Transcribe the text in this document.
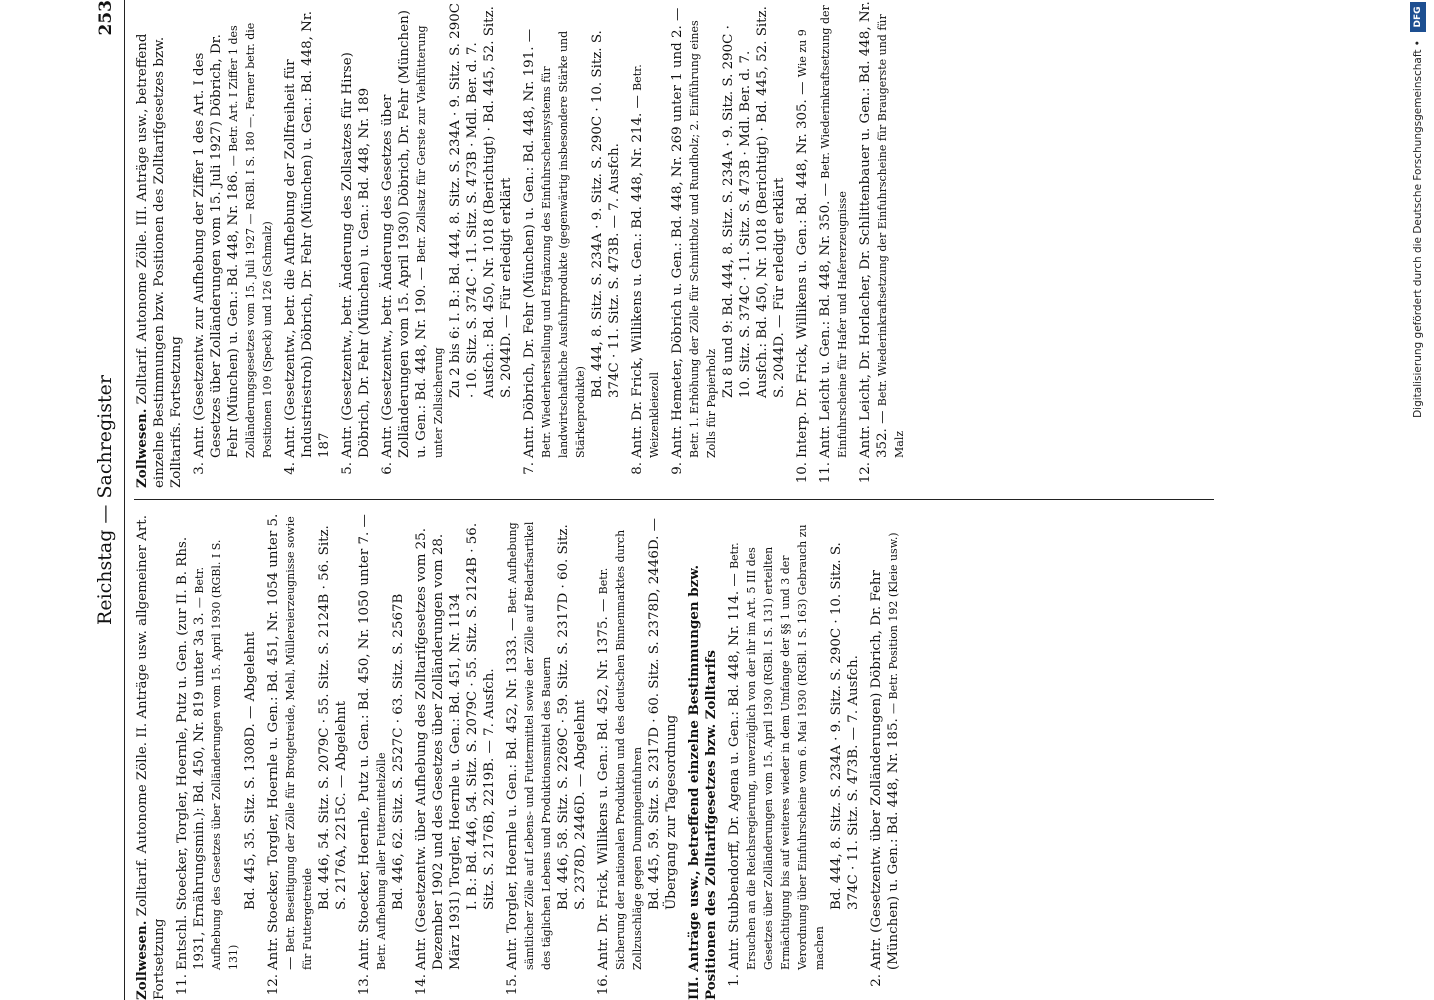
Reichstag — Sachregister
253
Zollwesen. Zolltarif. Autonome Zölle. II. Anträge usw. allgemeiner Art. Fortsetzung 11.
Entschl. Stoecker, Torgler, Hoernle, Putz u. Gen. (zur II. B. Rhs. 1931, Ernährungsmin.): Bd. 450, Nr. 819 unter 3a 3. — Betr. Aufhebung des Gesetzes über Zolländerungen vom 15. April 1930 (RGBl. I S. 131)
Bd. 445, 35. Sitz. S. 1308D. — Abgelehnt
12.
Antr. Stoecker, Torgler, Hoernle u. Gen.: Bd. 451, Nr. 1054 unter 5. — Betr. Beseitigung der Zölle für Brotgetreide, Mehl, Müllereierzeugnisse sowie für Futtergetreide
Bd. 446, 54. Sitz. S. 2079C · 55. Sitz. S. 2124B · 56. Sitz. S. 2176A, 2215C. — Abgelehnt
13.
Antr. Stoecker, Hoernle, Putz u. Gen.: Bd. 450, Nr. 1050 unter 7. — Betr. Aufhebung aller Futtermittelzölle Bd. 446, 62. Sitz. S. 2527C · 63. Sitz. S. 2567B
14.
Antr. (Gesetzentw. über Aufhebung des Zolltarifgesetzes vom 25. Dezember 1902 und des Gesetzes über Zolländerungen vom 28. März 1931) Torgler, Hoernle u. Gen.: Bd. 451, Nr. 1134 I. B.: Bd. 446, 54. Sitz. S. 2079C · 55. Sitz. S. 2124B · 56. Sitz. S. 2176B, 2219B. — 7. Ausfch.
15.
Antr. Torgler, Hoernle u. Gen.: Bd. 452, Nr. 1333. — Betr. Aufhebung sämtlicher Zölle auf Lebens- und Futtermittel sowie der Zölle auf Bedarfsartikel des täglichen Lebens und Produktionsmittel des Bauern Bd. 446, 58. Sitz. S. 2269C · 59. Sitz. S. 2317D · 60. Sitz. S. 2378D, 2446D. — Abgelehnt
16.
Antr. Dr. Frick, Willikens u. Gen.: Bd. 452, Nr. 1375. — Betr. Sicherung der nationalen Produktion und des deutschen Binnenmarktes durch Zollzuschläge gegen Dumpingeinfuhren Bd. 445, 59. Sitz. S. 2317D · 60. Sitz. S. 2378D, 2446D. — Übergang zur Tagesordnung III. Anträge usw., betreffend einzelne Bestimmungen bzw. Positionen des Zolltarifgesetzes bzw. Zolltarifs 1.
Antr. Stubbendorff, Dr. Agena u. Gen.: Bd. 448, Nr. 114. — Betr. Ersuchen an die Reichsregierung, unverzüglich von der ihr im Art. 5 III des Gesetzes über Zolländerungen vom 15. April 1930 (RGBl. I S. 131) erteilten Ermächtigung bis auf weiteres wieder in dem Umfange der §§ 1 und 3 der Verordnung über Einfuhrscheine vom 6. Mai 1930 (RGBl. I S. 163) Gebrauch zu machen
Bd. 444, 8. Sitz. S. 234A · 9. Sitz. S. 290C · 10. Sitz. S. 374C · 11. Sitz. S. 473B. — 7. Ausfch.
2.
Antr. (Gesetzentw. über Zolländerungen) Döbrich, Dr. Fehr (München) u. Gen.: Bd. 448, Nr. 185. — Betr. Position 192 (Kleie usw.)
Zollwesen. Zolltarif. Autonome Zölle. III. Anträge usw., betreffend einzelne Bestimmungen bzw. Positionen des Zolltarifgesetzes bzw. Zolltarifs. Fortsetzung 3.
Antr. (Gesetzentw. zur Aufhebung der Ziffer 1 des Art. I des Gesetzes über Zolländerungen vom 15. Juli 1927) Döbrich, Dr. Fehr (München) u. Gen.: Bd. 448, Nr. 186. — Betr. Art. I Ziffer 1 des Zolländerungsgesetzes vom 15. Juli 1927 — RGBl. I S. 180 —. Ferner betr. die Positionen 109 (Speck) und 126 (Schmalz)
4.
Antr. (Gesetzentw., betr. die Aufhebung der Zollfreiheit für Industriestroh) Döbrich, Dr. Fehr (München) u. Gen.: Bd. 448, Nr. 187
5.
Antr. (Gesetzentw., betr. Änderung des Zollsatzes für Hirse) Döbrich, Dr. Fehr (München) u. Gen.: Bd. 448, Nr. 189
6.
Antr. (Gesetzentw., betr. Änderung des Gesetzes über Zolländerungen vom 15. April 1930) Döbrich, Dr. Fehr (München) u. Gen.: Bd. 448, Nr. 190. — Betr. Zollsatz für Gerste zur Viehfütterung unter Zollsicherung
Zu 2 bis 6: I. B.: Bd. 444, 8. Sitz. S. 234A · 9. Sitz. S. 290C · 10. Sitz. S. 374C · 11. Sitz. S. 473B · Mdl. Ber. d. 7. Ausfch.: Bd. 450, Nr. 1018 (Berichtigt) · Bd. 445, 52. Sitz. S. 2044D. — Für erledigt erklärt
7.
Antr. Döbrich, Dr. Fehr (München) u. Gen.: Bd. 448, Nr. 191. — Betr. Wiederherstellung und Ergänzung des Einfuhrscheinsystems für landwirtschaftliche Ausfuhrprodukte (gegenwärtig insbesondere Stärke und Stärkeprodukte)
Bd. 444, 8. Sitz. S. 234A · 9. Sitz. S. 290C · 10. Sitz. S. 374C · 11. Sitz. S. 473B. — 7. Ausfch.
8.
Antr. Dr. Frick, Willikens u. Gen.: Bd. 448, Nr. 214. — Betr. Weizenkleiezoll
9.
Antr. Hemeter, Döbrich u. Gen.: Bd. 448, Nr. 269 unter 1 und 2. — Betr. 1. Erhöhung der Zölle für Schnittholz und Rundholz; 2. Einführung eines Zolls für Papierholz
Zu 8 und 9: Bd. 444, 8. Sitz. S. 234A · 9. Sitz. S. 290C · 10. Sitz. S. 374C · 11. Sitz. S. 473B · Mdl. Ber. d. 7. Ausfch.: Bd. 450, Nr. 1018 (Berichtigt) · Bd. 445, 52. Sitz. S. 2044D. — Für erledigt erklärt
10.
Interp. Dr. Frick, Willikens u. Gen.: Bd. 448, Nr. 305. — Wie zu 9
11.
Antr. Leicht u. Gen.: Bd. 448, Nr. 350. — Betr. Wiederinkraftsetzung der Einfuhrscheine für Hafer und Hafererzeugnisse
12.
Antr. Leicht, Dr. Horlacher, Dr. Schlittenbauer u. Gen.: Bd. 448, Nr. 352. — Betr. Wiederinkraftsetzung der Einfuhrscheine für Braugerste und für Malz
Digitalisierung gefördert durch die Deutsche Forschungsgemeinschaft •
DFG
